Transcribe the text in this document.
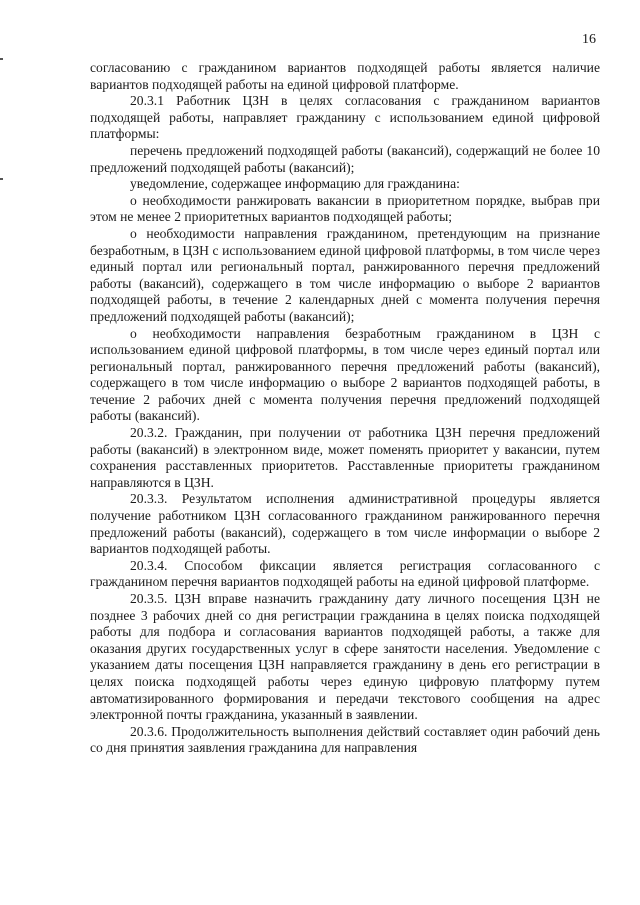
16

согласованию с гражданином вариантов подходящей работы является наличие вариантов подходящей работы на единой цифровой платформе.

20.3.1 Работник ЦЗН в целях согласования с гражданином вариантов подходящей работы, направляет гражданину с использованием единой цифровой платформы:

перечень предложений подходящей работы (вакансий), содержащий не более 10 предложений подходящей работы (вакансий);

уведомление, содержащее информацию для гражданина:

о необходимости ранжировать вакансии в приоритетном порядке, выбрав при этом не менее 2 приоритетных вариантов подходящей работы;

о необходимости направления гражданином, претендующим на признание безработным, в ЦЗН с использованием единой цифровой платформы, в том числе через единый портал или региональный портал, ранжированного перечня предложений работы (вакансий), содержащего в том числе информацию о выборе 2 вариантов подходящей работы, в течение 2 календарных дней с момента получения перечня предложений подходящей работы (вакансий);

о необходимости направления безработным гражданином в ЦЗН с использованием единой цифровой платформы, в том числе через единый портал или региональный портал, ранжированного перечня предложений работы (вакансий), содержащего в том числе информацию о выборе 2 вариантов подходящей работы, в течение 2 рабочих дней с момента получения перечня предложений подходящей работы (вакансий).

20.3.2. Гражданин, при получении от работника ЦЗН перечня предложений работы (вакансий) в электронном виде, может поменять приоритет у вакансии, путем сохранения расставленных приоритетов. Расставленные приоритеты гражданином направляются в ЦЗН.

20.3.3. Результатом исполнения административной процедуры является получение работником ЦЗН согласованного гражданином ранжированного перечня предложений работы (вакансий), содержащего в том числе информации о выборе 2 вариантов подходящей работы.

20.3.4. Способом фиксации является регистрация согласованного с гражданином перечня вариантов подходящей работы на единой цифровой платформе.

20.3.5. ЦЗН вправе назначить гражданину дату личного посещения ЦЗН не позднее 3 рабочих дней со дня регистрации гражданина в целях поиска подходящей работы для подбора и согласования вариантов подходящей работы, а также для оказания других государственных услуг в сфере занятости населения. Уведомление с указанием даты посещения ЦЗН направляется гражданину в день его регистрации в целях поиска подходящей работы через единую цифровую платформу путем автоматизированного формирования и передачи текстового сообщения на адрес электронной почты гражданина, указанный в заявлении.

20.3.6. Продолжительность выполнения действий составляет один рабочий день со дня принятия заявления гражданина для направления
